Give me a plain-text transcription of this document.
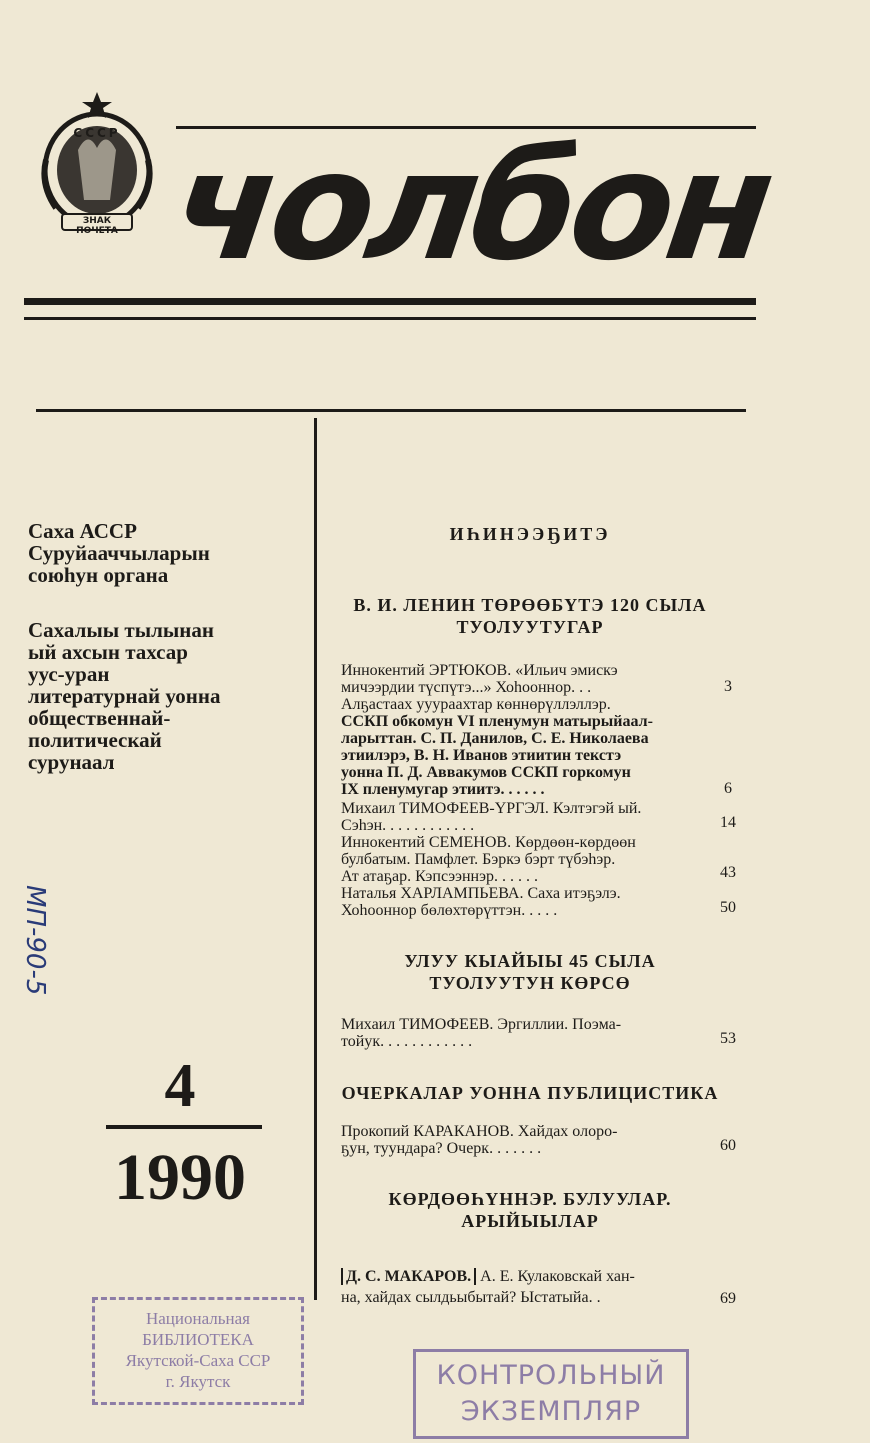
ЗНАК ПОЧЕТА
СССР чолбон
Саха АССР
Суруйааччыларын
союhун органа
Сахалыы тылынан
ый ахсын тахсар
уус-уран
литературнай уонна
общественнай-
политическай
сурунаал
МП-90-5
4
1990
ИҺИНЭЭҔИТЭ
В. И. ЛЕНИН ТӨРӨӨБҮТЭ 120 СЫЛА
ТУОЛУУТУГАР
Иннокентий ЭРТЮКОВ. «Ильич эмискэ
мичээрдии түспүтэ...» Хоhооннор. . .	3
Алҕастаах ууураахтар көннөрүллэллэр.
ССКП обкомун VI пленумун матырыйаал-
ларыттан. С. П. Данилов, С. Е. Николаева
этиилэрэ, В. Н. Иванов этиитин текстэ
уонна П. Д. Аввакумов ССКП горкомун
IX пленумугар этиитэ. . . . . .	6
Михаил ТИМОФЕЕВ-ҮРГЭЛ. Кэлтэгэй ый.
Сэhэн. . . . . . . . . . . .	14
Иннокентий СЕМЕНОВ. Көрдөөн-көрдөөн
булбатым. Памфлет. Бэркэ бэрт түбэhэр.
Ат атаҕар. Кэпсээннэр. . . . . .	43
Наталья ХАРЛАМПЬЕВА. Саха итэҕэлэ.
Хоhооннор бөлөхтөрүттэн. . . . .	50
УЛУУ КЫАЙЫЫ 45 СЫЛА
ТУОЛУУТУН КӨРСӨ
Михаил ТИМОФЕЕВ. Эргиллии. Поэма-
тойук. . . . . . . . . . . .	53
ОЧЕРКАЛАР УОННА ПУБЛИЦИСТИКА
Прокопий КАРАКАНОВ. Хайдах олоро-
ҕун, туундара? Очерк. . . . . . .	60
КӨРДӨӨҺҮННЭР. БУЛУУЛАР.
АРЫЙЫЫЛАР
Д. С. МАКАРОВ. А. Е. Кулаковскай хан-
на, хайдах сылдьыбытай? Ыстатыйа. .	69
Национальная
БИБЛИОТЕКА
Якутской-Саха ССР
г. Якутск	КОНТРОЛЬНЫЙ
ЭКЗЕМПЛЯР
